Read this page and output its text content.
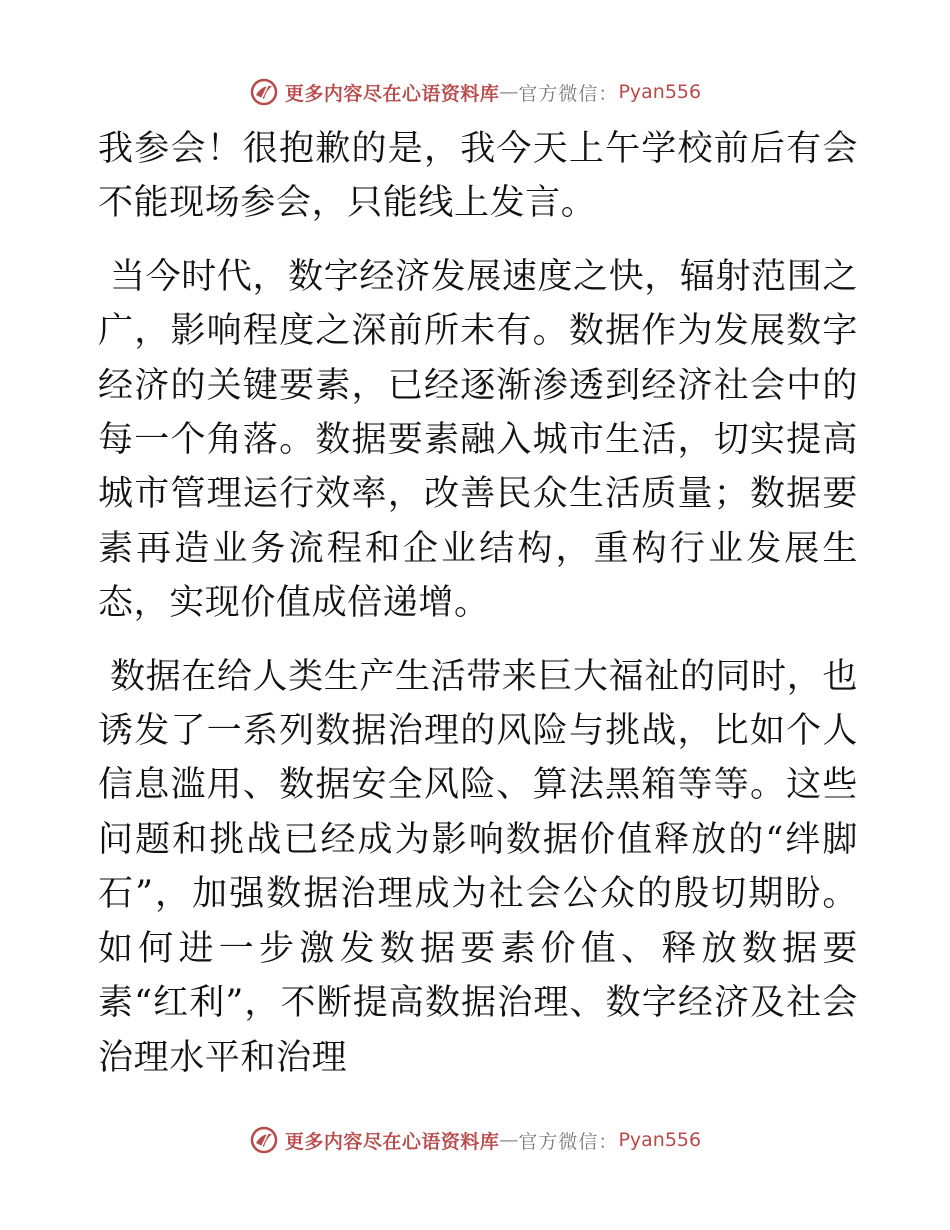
更多内容尽在心语资料库 — 官方微信： Pyan556

我参会！很抱歉的是，我今天上午学校前后有会不能现场参会，只能线上发言。

当今时代，数字经济发展速度之快，辐射范围之广，影响程度之深前所未有。数据作为发展数字经济的关键要素，已经逐渐渗透到经济社会中的每一个角落。数据要素融入城市生活，切实提高城市管理运行效率，改善民众生活质量；数据要素再造业务流程和企业结构，重构行业发展生态，实现价值成倍递增。

数据在给人类生产生活带来巨大福祉的同时，也诱发了一系列数据治理的风险与挑战，比如个人信息滥用、数据安全风险、算法黑箱等等。这些问题和挑战已经成为影响数据价值释放的“绊脚石”，加强数据治理成为社会公众的殷切期盼。如何进一步激发数据要素价值、释放数据要素“红利”，不断提高数据治理、数字经济及社会治理水平和治理

更多内容尽在心语资料库 — 官方微信： Pyan556
